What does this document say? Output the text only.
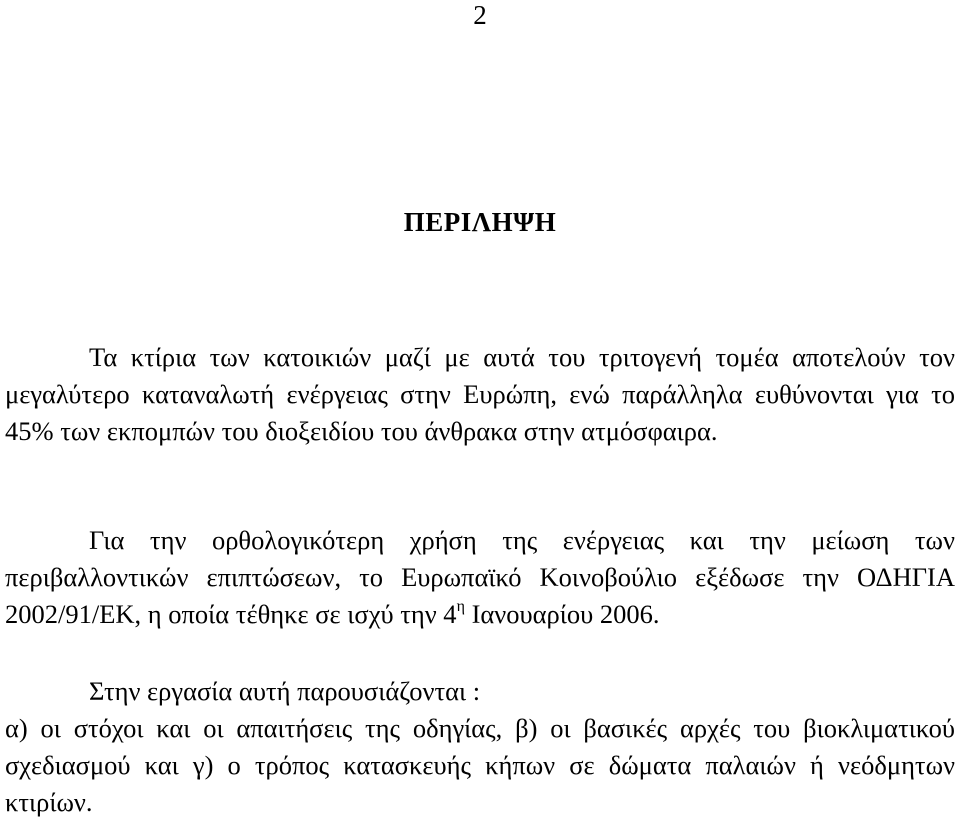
2
ΠΕΡΙΛΗΨΗ

Τα κτίρια των κατοικιών μαζί με αυτά του τριτογενή τομέα αποτελούν τον μεγαλύτερο καταναλωτή ενέργειας στην Ευρώπη, ενώ παράλληλα ευθύνονται για το 45% των εκπομπών του διοξειδίου του άνθρακα στην ατμόσφαιρα.

Για την ορθολογικότερη χρήση της ενέργειας και την μείωση των περιβαλλοντικών επιπτώσεων, το Ευρωπαϊκό Κοινοβούλιο εξέδωσε την ΟΔΗΓΙΑ 2002/91/ΕΚ, η οποία τέθηκε σε ισχύ την $4^\eta$ Ιανουαρίου 2006.

Στην εργασία αυτή παρουσιάζονται :

α) οι στόχοι και οι απαιτήσεις της οδηγίας, β) οι βασικές αρχές του βιοκλιματικού σχεδιασμού και γ) ο τρόπος κατασκευής κήπων σε δώματα παλαιών ή νεόδμητων κτιρίων.
